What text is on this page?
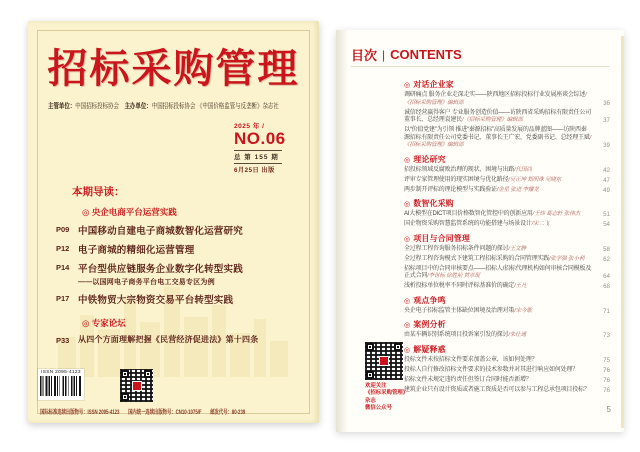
招标采购管理
主管单位：中国招标投标协会　主办单位：中国招标投标协会 《中国价格监管与反垄断》杂志社
2025 年 /
NO.06
总 第 155 期
6月25日 出版
本期导读：
◎ 央企电商平台运营实践
P09 中国移动自建电子商城数智化运营研究
P12 电子商城的精细化运营管理
P14 平台型供应链服务企业数字化转型实践
——以国网电子商务平台电工交易专区为例
P17 中铁物贸大宗物资交易平台转型实践
◎ 专家论坛
P33	从四个方面理解把握《民营经济促进法》第十四条
ISSN 2095-4123
国际标准连续出版物号：ISSN 2095-4123　　国内统一连续出版物号：CN10-1075/F　　邮发代号：80-239
目次 | CONTENTS
◎ 对话企业家
调研痛点 服务企业走深走实——陕西地区招标投标行业发展座谈会综述/《招标采购管理》编辑部	36
诚信经营赢得客户 专业服务创造价值——访陕西省采购招标有限责任公司董事长、总经理袁建民/《招标采购管理》编辑部	37
以“价值党建”为引领 推进“秦源招标”高质量发展的品牌蓝图——访陕西秦源招标有限责任公司党委书记、董事长王广宏，党委副书记、总经理王斌/《招标采购管理》编辑部	39
◎ 理论研究
招投标领域反腐败治理的现状、困境与出路/代国尚	42
评审专家管理使用的现实困境与优化路径/吴正坤 郑明珠 吴晓东	47
两步制开评标的理论模型与实践验证/金星 张进 李耀龙	49
◎ 数智化采购
AI大模型在DICT项目价格数智化管控中的创新应用/王炜 葛志轩 张伟杰	51
国企物资采购智慧监管系统的功能搭建与场景设计/宋二飞	54
◎ 项目与合同管理
全过程工程咨询服务招标条件问题的探讨/王文静	58
全过程工程咨询模式下建筑工程招标采购的合同管理实践/张学强 张小利	62
招标项目中的合同审核要点——招标人/招标代理机构如何审核合同模板及正式合同/李世标 徐胜前 黄卓琨	64
浅析投标单位税率不同时评标基准价的确定/王凡	68
◎ 观点争鸣
央企电子招标监管主体缺位困境及治理对策/宋今歌	71
◎ 案例分析
由某车辆识别系统项目投诉案引发的探讨/朱仕通	73
◎ 解疑释惑
投标文件未按招标文件要求加盖公章，该如何处理？	75
投标人自行修改招标文件要求的技术参数并对其进行响应如何处理？	76
招标文件未规定违约责任但签订合同时能否新增？	76
建筑企业只有设计资质或者施工资质是否可以参与工程总承包项目投标？	76
欢迎关注
《招标采购管理》杂志
微信公众号	5
